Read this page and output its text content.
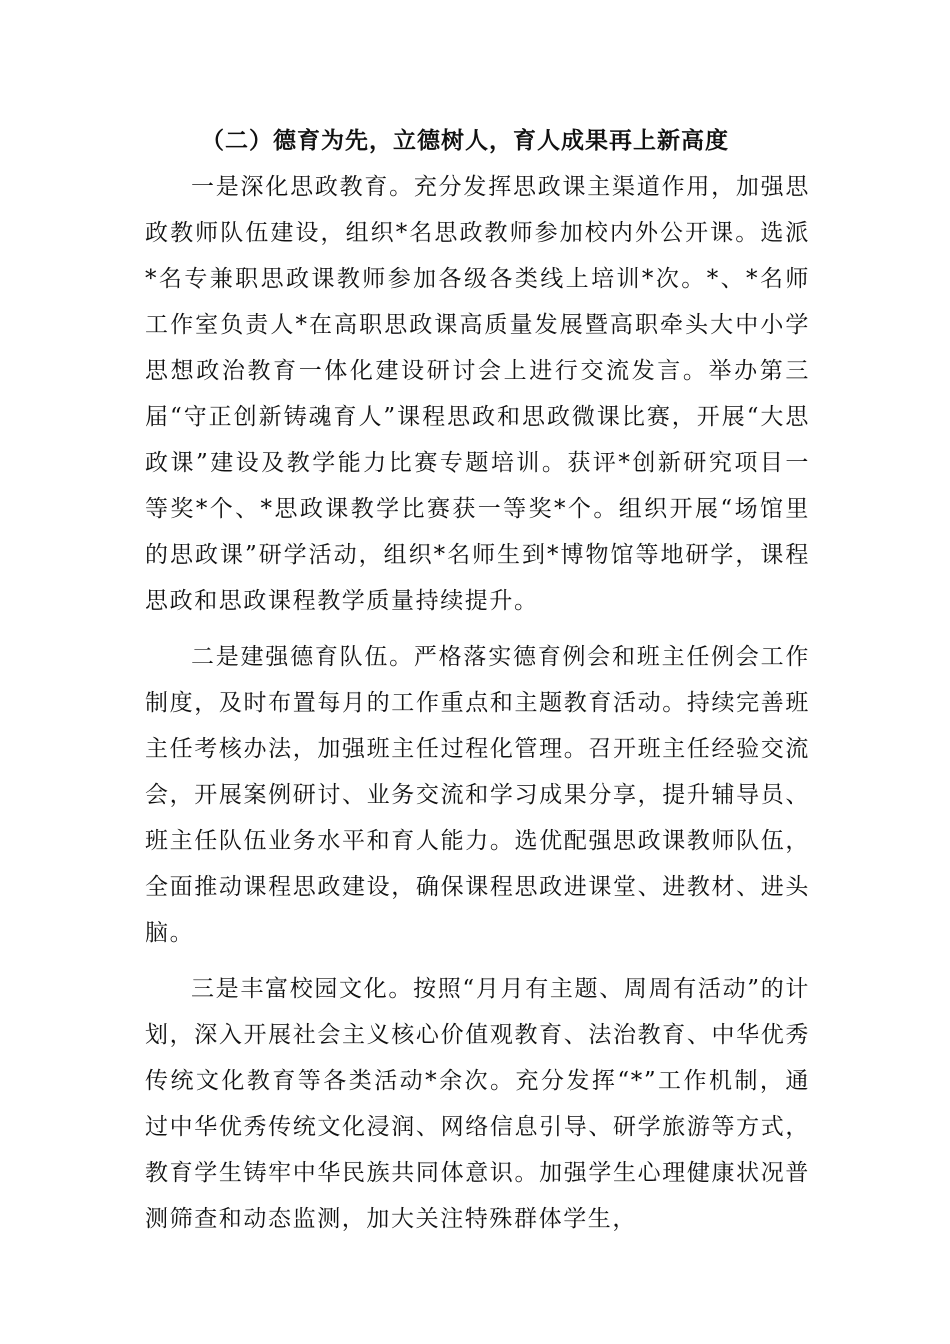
（二）德育为先，立德树人，育人成果再上新高度

一是深化思政教育。充分发挥思政课主渠道作用，加强思政教师队伍建设，组织*名思政教师参加校内外公开课。选派*名专兼职思政课教师参加各级各类线上培训*次。*、*名师工作室负责人*在高职思政课高质量发展暨高职牵头大中小学思想政治教育一体化建设研讨会上进行交流发言。举办第三届“守正创新铸魂育人”课程思政和思政微课比赛，开展“大思政课”建设及教学能力比赛专题培训。获评*创新研究项目一等奖*个、*思政课教学比赛获一等奖*个。组织开展“场馆里的思政课”研学活动，组织*名师生到*博物馆等地研学，课程思政和思政课程教学质量持续提升。

二是建强德育队伍。严格落实德育例会和班主任例会工作制度，及时布置每月的工作重点和主题教育活动。持续完善班主任考核办法，加强班主任过程化管理。召开班主任经验交流会，开展案例研讨、业务交流和学习成果分享，提升辅导员、班主任队伍业务水平和育人能力。选优配强思政课教师队伍，全面推动课程思政建设，确保课程思政进课堂、进教材、进头脑。

三是丰富校园文化。按照“月月有主题、周周有活动”的计划，深入开展社会主义核心价值观教育、法治教育、中华优秀传统文化教育等各类活动*余次。充分发挥“*”工作机制，通过中华优秀传统文化浸润、网络信息引导、研学旅游等方式，教育学生铸牢中华民族共同体意识。加强学生心理健康状况普测筛查和动态监测，加大关注特殊群体学生，
